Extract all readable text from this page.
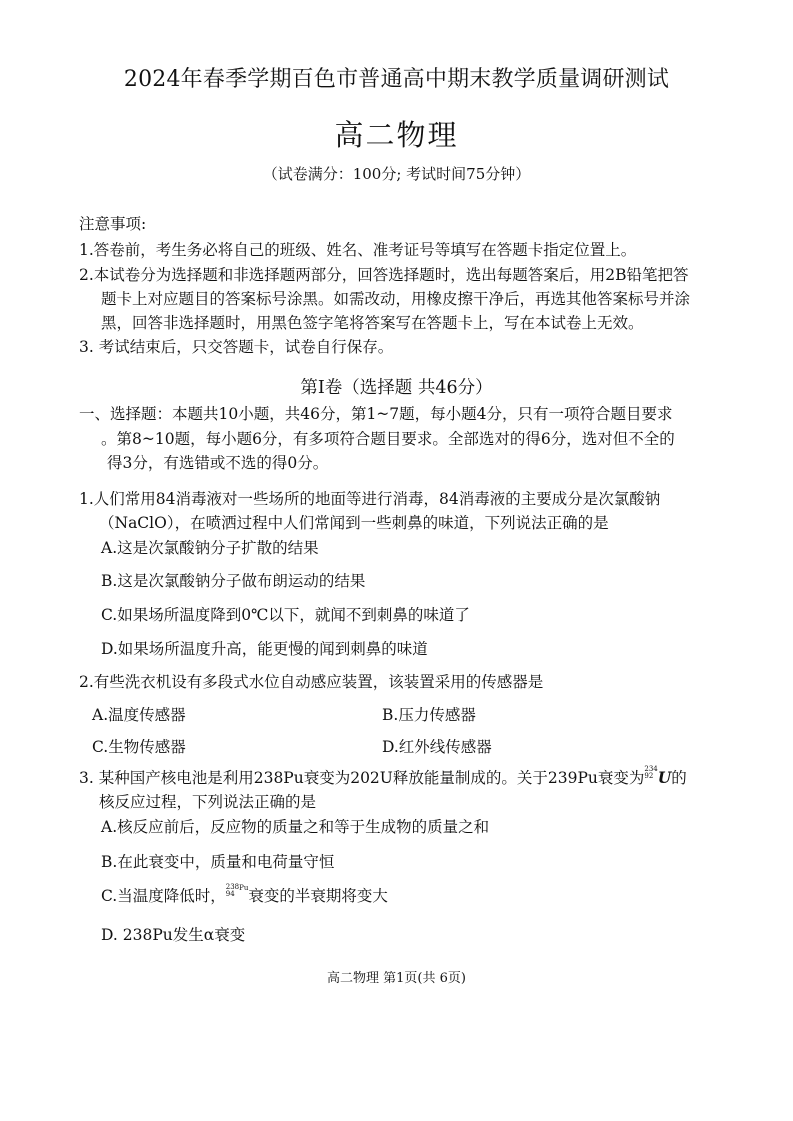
2024年春季学期百色市普通高中期末教学质量调研测试
高二物理
（试卷满分：100分; 考试时间75分钟）
注意事项:
1.答卷前，考生务必将自己的班级、姓名、准考证号等填写在答题卡指定位置上。
2.本试卷分为选择题和非选择题两部分，回答选择题时，选出每题答案后，用2B铅笔把答
题卡上对应题目的答案标号涂黑。如需改动，用橡皮擦干净后，再选其他答案标号并涂
黑，回答非选择题时，用黑色签字笔将答案写在答题卡上，写在本试卷上无效。
3. 考试结束后，只交答题卡，试卷自行保存。
第Ⅰ卷（选择题 共46分）
一、选择题：本题共10小题，共46分，第1~7题，每小题4分，只有一项符合题目要求
。第8~10题，每小题6分，有多项符合题目要求。全部选对的得6分，选对但不全的
得3分，有选错或不选的得0分。
1.人们常用84消毒液对一些场所的地面等进行消毒，84消毒液的主要成分是次氯酸钠
（NaClO），在喷洒过程中人们常闻到一些刺鼻的味道，下列说法正确的是
A.这是次氯酸钠分子扩散的结果
B.这是次氯酸钠分子做布朗运动的结果
C.如果场所温度降到0℃以下，就闻不到刺鼻的味道了
D.如果场所温度升高，能更慢的闻到刺鼻的味道
2.有些洗衣机设有多段式水位自动感应装置，该装置采用的传感器是
A.温度传感器	B.压力传感器
C.生物传感器	D.红外线传感器
3. 某种国产核电池是利用238Pu衰变为202U释放能量制成的。关于239Pu衰变为 234
92 U的
核反应过程，下列说法正确的是
A.核反应前后，反应物的质量之和等于生成物的质量之和
B.在此衰变中，质量和电荷量守恒
C.当温度降低时， 238
94
$^{Pu}$衰变的半衰期将变大
D. 238Pu发生α衰变
高二物理 第1页(共 6页)
